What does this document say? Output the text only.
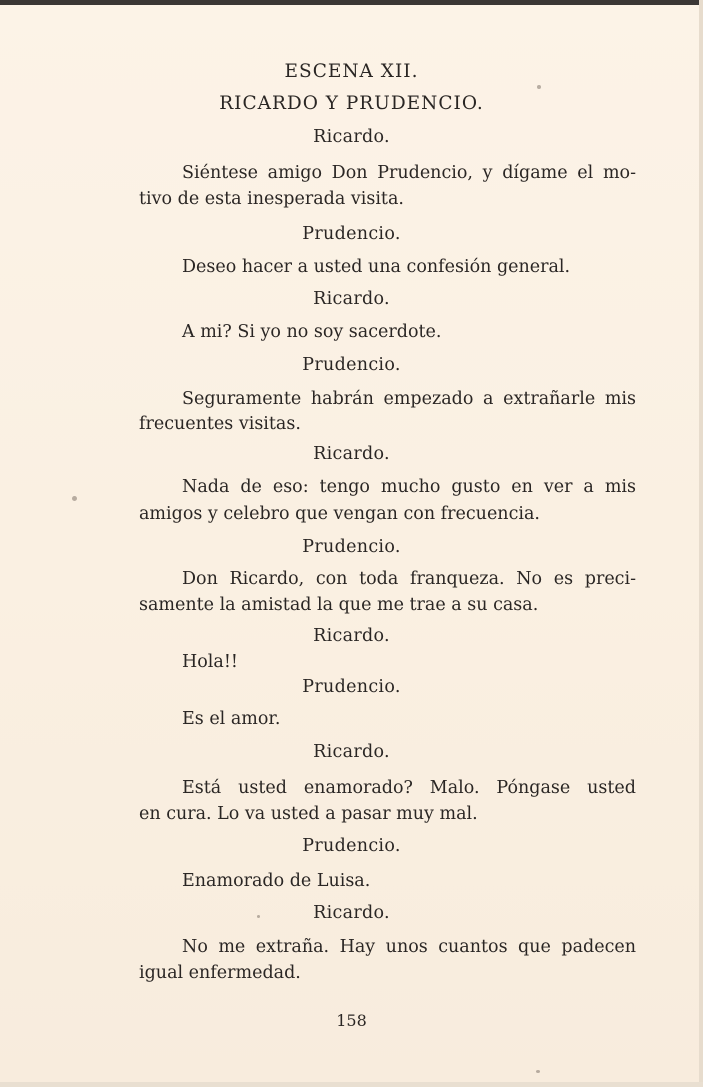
ESCENA XII.
RICARDO Y PRUDENCIO.
Ricardo.
Siéntese amigo Don Prudencio, y dígame el mo-
tivo de esta inesperada visita.
Prudencio.
Deseo hacer a usted una confesión general.
Ricardo.
A mi? Si yo no soy sacerdote.
Prudencio.
Seguramente habrán empezado a extrañarle mis
frecuentes visitas.
Ricardo.
Nada de eso: tengo mucho gusto en ver a mis
amigos y celebro que vengan con frecuencia.
Prudencio.
Don Ricardo, con toda franqueza. No es preci-
samente la amistad la que me trae a su casa.
Ricardo.
Hola!!
Prudencio.
Es el amor.
Ricardo.
Está usted enamorado? Malo. Póngase usted
en cura. Lo va usted a pasar muy mal.
Prudencio.
Enamorado de Luisa.
Ricardo.
No me extraña. Hay unos cuantos que padecen
igual enfermedad.
158
